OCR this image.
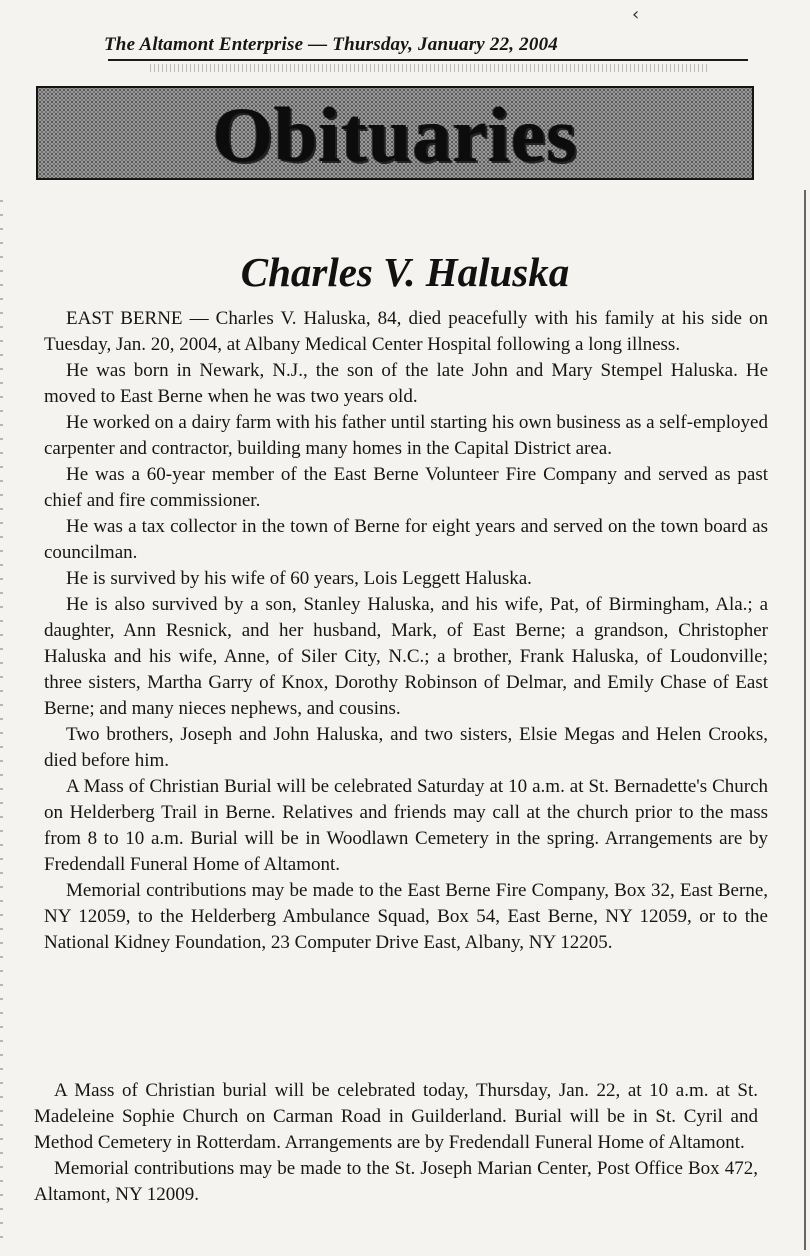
‹
The Altamont Enterprise — Thursday, January 22, 2004
Obituaries
Charles V. Haluska

EAST BERNE — Charles V. Haluska, 84, died peacefully with his family at his side on Tuesday, Jan. 20, 2004, at Albany Medical Center Hospital following a long illness.

He was born in Newark, N.J., the son of the late John and Mary Stempel Haluska. He moved to East Berne when he was two years old.

He worked on a dairy farm with his father until starting his own business as a self-employed carpenter and contractor, building many homes in the Capital District area.

He was a 60-year member of the East Berne Volunteer Fire Company and served as past chief and fire commissioner.

He was a tax collector in the town of Berne for eight years and served on the town board as councilman.

He is survived by his wife of 60 years, Lois Leggett Haluska.

He is also survived by a son, Stanley Haluska, and his wife, Pat, of Birmingham, Ala.; a daughter, Ann Resnick, and her husband, Mark, of East Berne; a grandson, Christopher Haluska and his wife, Anne, of Siler City, N.C.; a brother, Frank Haluska, of Loudonville; three sisters, Martha Garry of Knox, Dorothy Robinson of Delmar, and Emily Chase of East Berne; and many nieces nephews, and cousins.

Two brothers, Joseph and John Haluska, and two sisters, Elsie Megas and Helen Crooks, died before him.

A Mass of Christian Burial will be celebrated Saturday at 10 a.m. at St. Bernadette's Church on Helderberg Trail in Berne. Relatives and friends may call at the church prior to the mass from 8 to 10 a.m. Burial will be in Woodlawn Cemetery in the spring. Arrangements are by Fredendall Funeral Home of Altamont.

Memorial contributions may be made to the East Berne Fire Company, Box 32, East Berne, NY 12059, to the Helderberg Ambulance Squad, Box 54, East Berne, NY 12059, or to the National Kidney Foundation, 23 Computer Drive East, Albany, NY 12205.

A Mass of Christian burial will be celebrated today, Thursday, Jan. 22, at 10 a.m. at St. Madeleine Sophie Church on Carman Road in Guilderland. Burial will be in St. Cyril and Method Cemetery in Rotterdam. Arrangements are by Fredendall Funeral Home of Altamont.

Memorial contributions may be made to the St. Joseph Marian Center, Post Office Box 472, Altamont, NY 12009.
